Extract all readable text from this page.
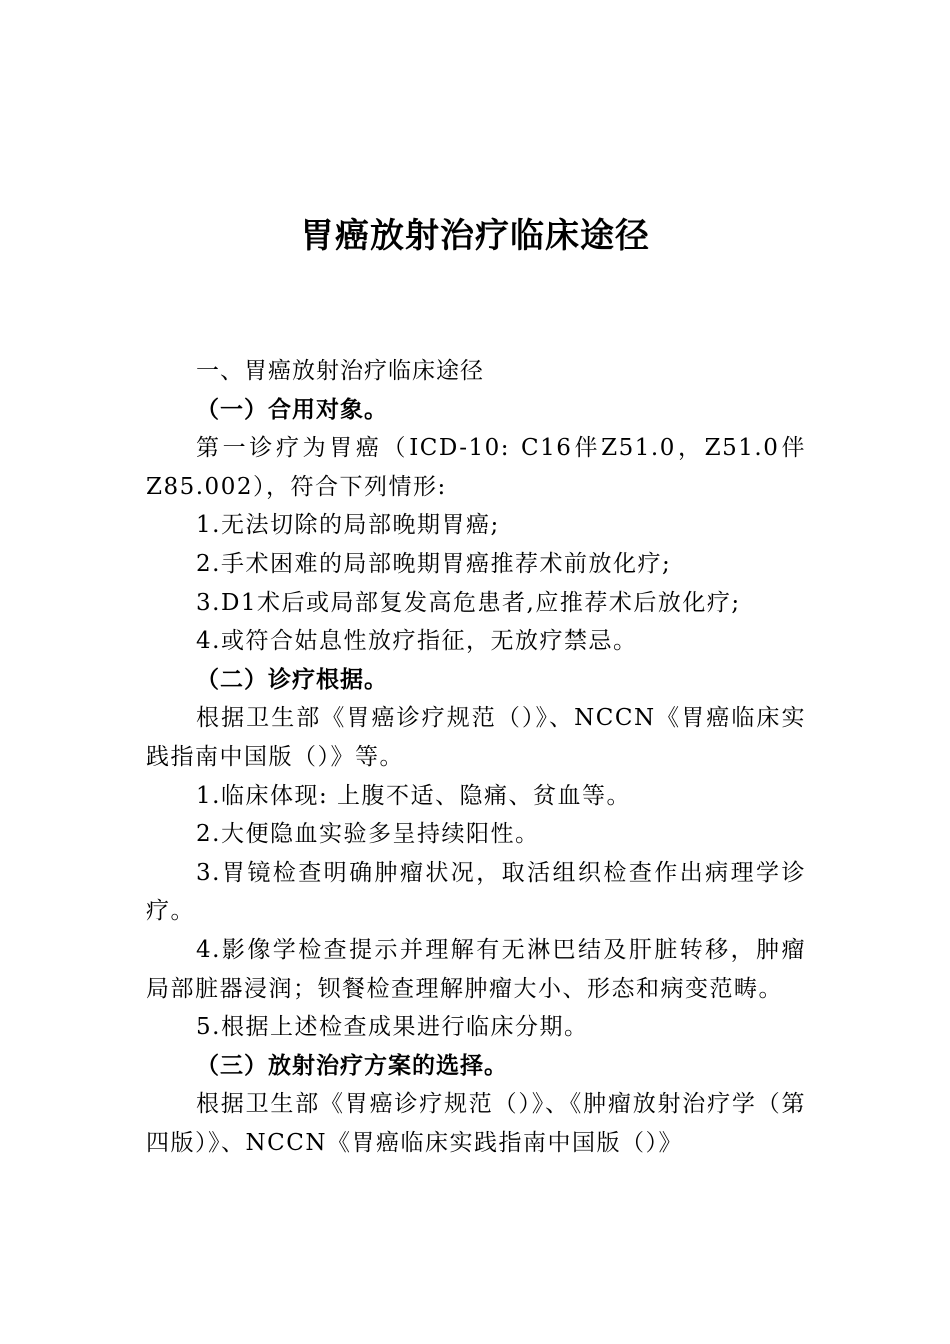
胃癌放射治疗临床途径

一、胃癌放射治疗临床途径

（一）合用对象。

第一诊疗为胃癌（ICD-10: C16伴Z51.0，Z51.0伴Z85.002），符合下列情形:

1.无法切除的局部晚期胃癌;

2.手术困难的局部晚期胃癌推荐术前放化疗;

3.D1术后或局部复发高危患者,应推荐术后放化疗;

4.或符合姑息性放疗指征，无放疗禁忌。

（二）诊疗根据。

根据卫生部《胃癌诊疗规范（）》、NCCN《胃癌临床实践指南中国版（）》等。

1.临床体现: 上腹不适、隐痛、贫血等。

2.大便隐血实验多呈持续阳性。

3.胃镜检查明确肿瘤状况，取活组织检查作出病理学诊疗。

4.影像学检查提示并理解有无淋巴结及肝脏转移，肿瘤局部脏器浸润；钡餐检查理解肿瘤大小、形态和病变范畴。

5.根据上述检查成果进行临床分期。

（三）放射治疗方案的选择。

根据卫生部《胃癌诊疗规范（）》、《肿瘤放射治疗学（第四版）》、NCCN《胃癌临床实践指南中国版（）》
